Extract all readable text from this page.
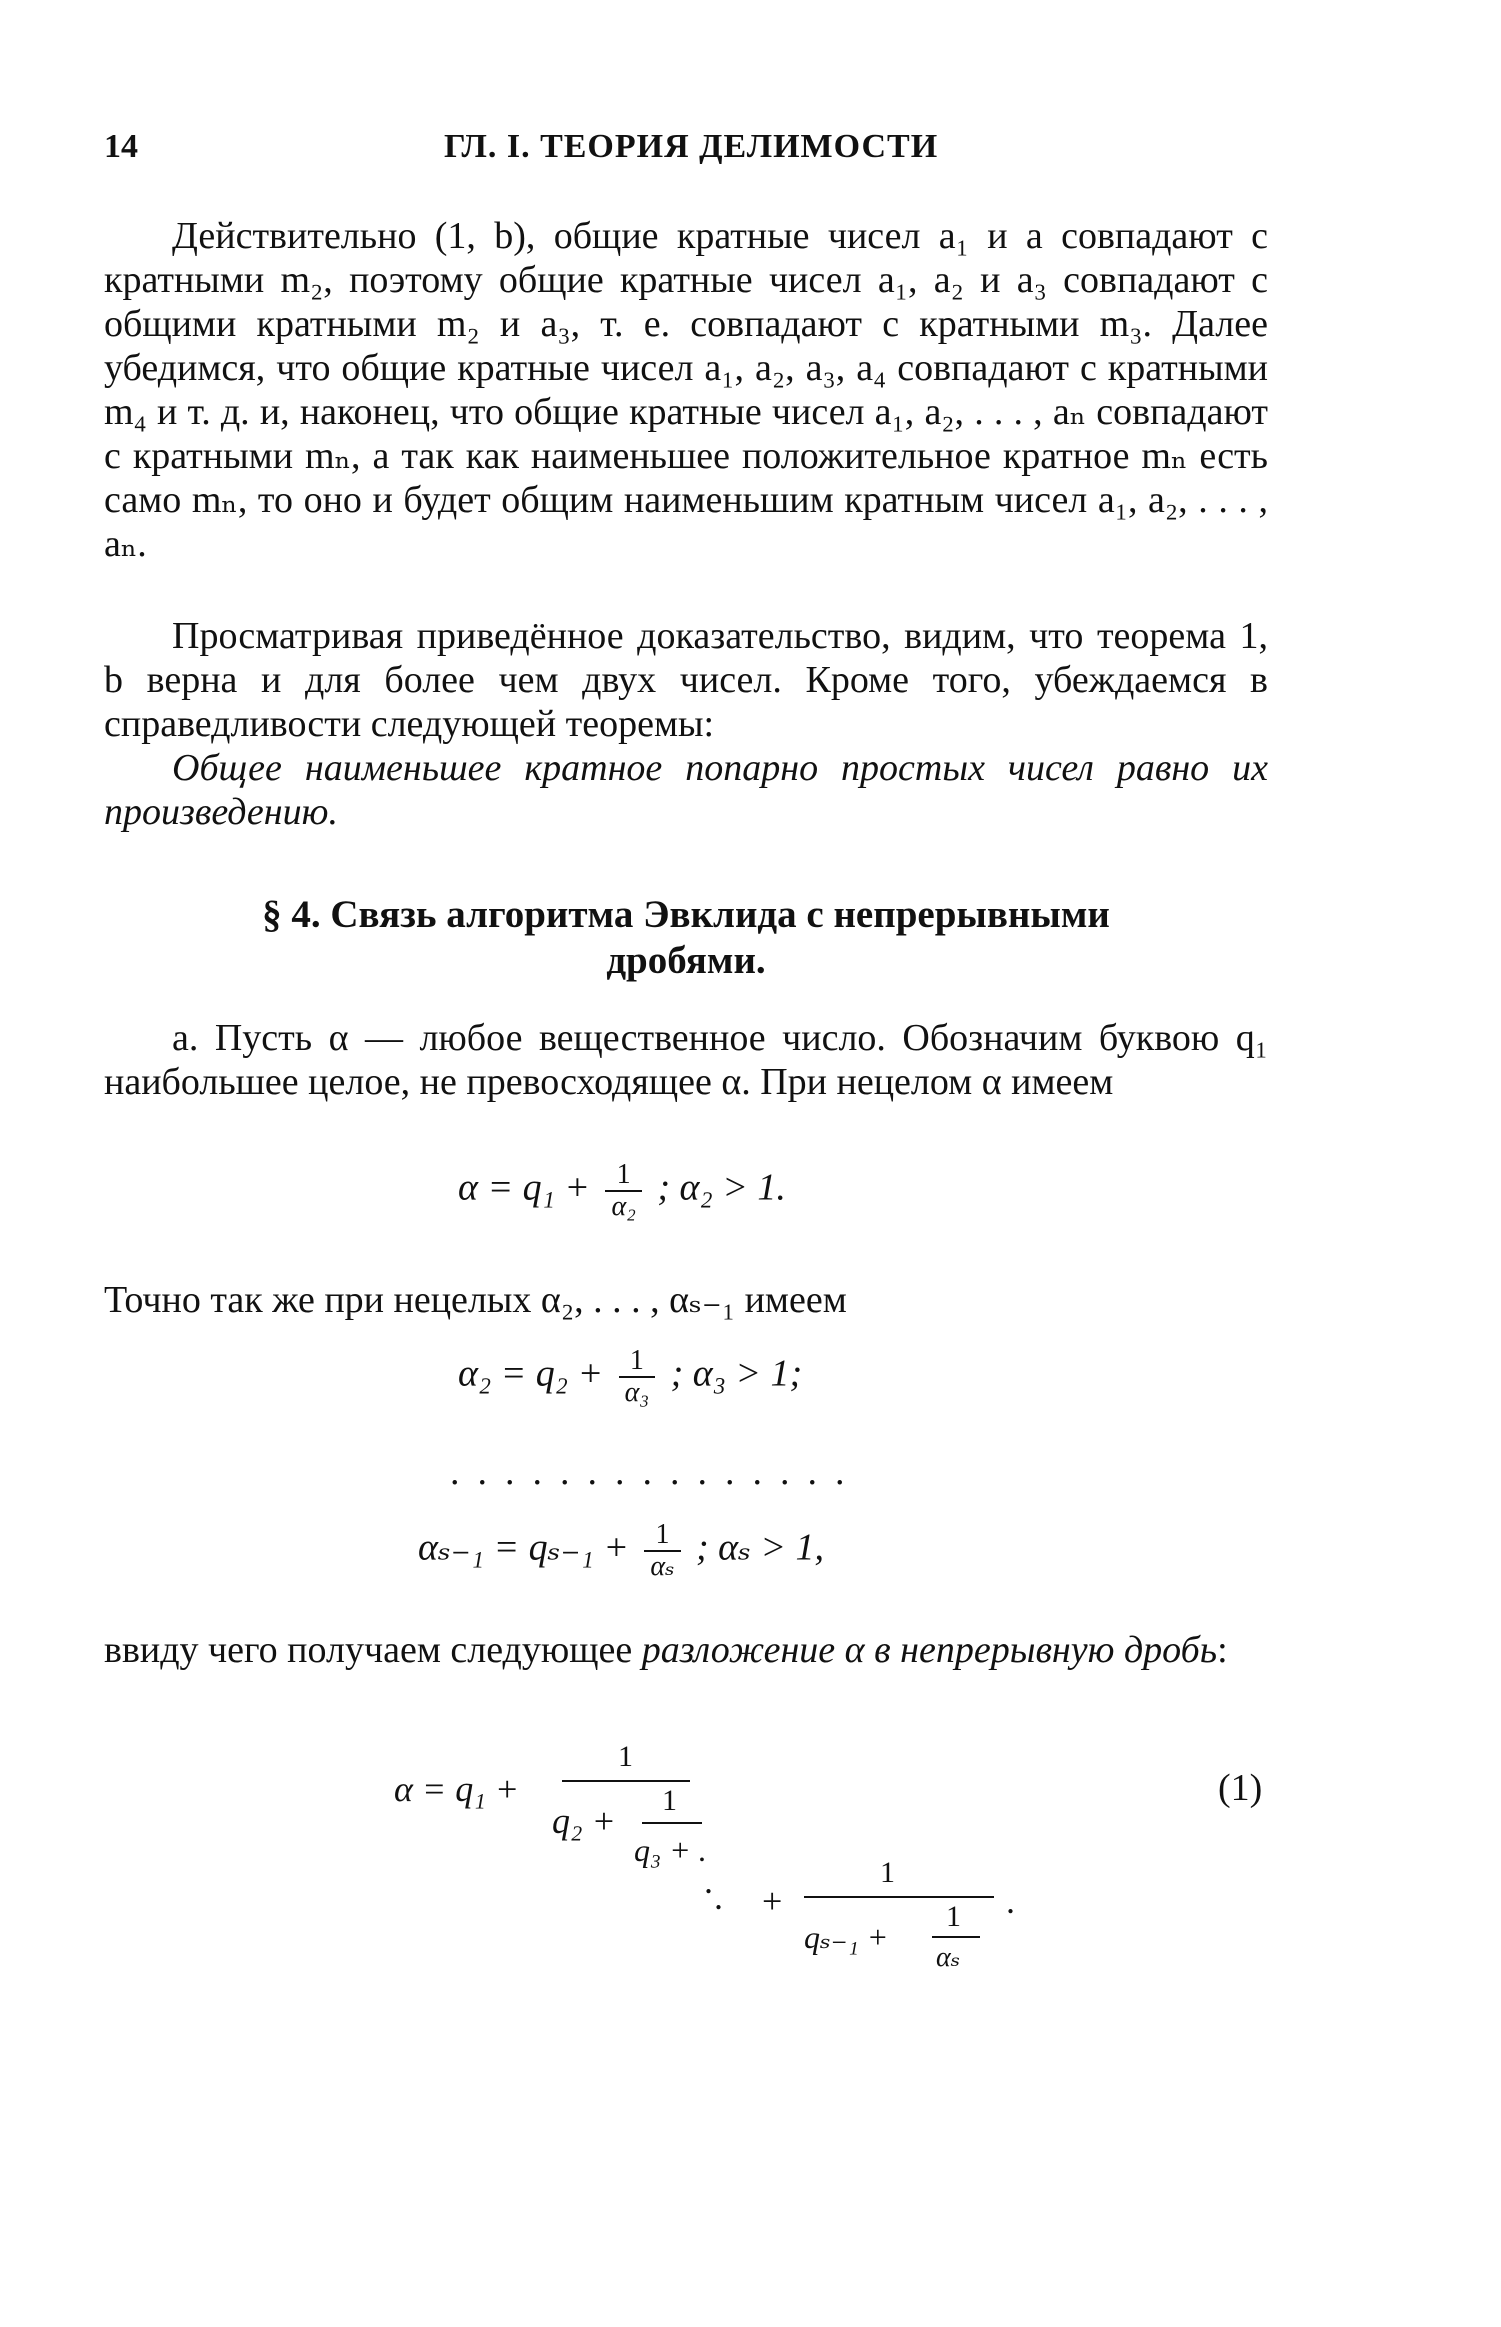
14	ГЛ. I. ТЕОРИЯ ДЕЛИМОСТИ

Действительно (1, b), общие кратные чисел a₁ и a совпадают с кратными m₂, поэтому общие кратные чисел a₁, a₂ и a₃ совпадают с общими кратными m₂ и a₃, т. е. совпадают с кратными m₃. Далее убедимся, что общие кратные чисел a₁, a₂, a₃, a₄ совпадают с кратными m₄ и т. д. и, наконец, что общие кратные чисел a₁, a₂, . . . , aₙ совпадают с кратными mₙ, а так как наименьшее положительное кратное mₙ есть само mₙ, то оно и будет общим наименьшим кратным чисел a₁, a₂, . . . , aₙ.

Просматривая приведённое доказательство, видим, что теорема 1, b верна и для более чем двух чисел. Кроме того, убеждаемся в справедливости следующей теоремы:

Общее наименьшее кратное попарно простых чисел равно их произведению.

§ 4. Связь алгоритма Эвклида с непрерывными дробями.

a. Пусть α — любое вещественное число. Обозначим буквою q₁ наибольшее целое, не превосходящее α. При нецелом α имеем

$\alpha = q_1 + \frac{1}{\text{α₂}}$ ; α₂ > 1.

Точно так же при нецелых α₂, . . . , αₛ₋₁ имеем

$\alpha_2 = q_2 + \frac{1}{\text{α₃}}$ ; α₃ > 1;
...............
$\alpha_{s-1} = q_{s-1} + \frac{1}{\text{αₛ}}$ ; αₛ > 1,

ввиду чего получаем следующее разложение α в непрерывную дробь:

α = q₁ +
1
q₂ +
1
q₃ + .
. . +
1
.
qₛ₋₁ +
1
αₛ
(1)
